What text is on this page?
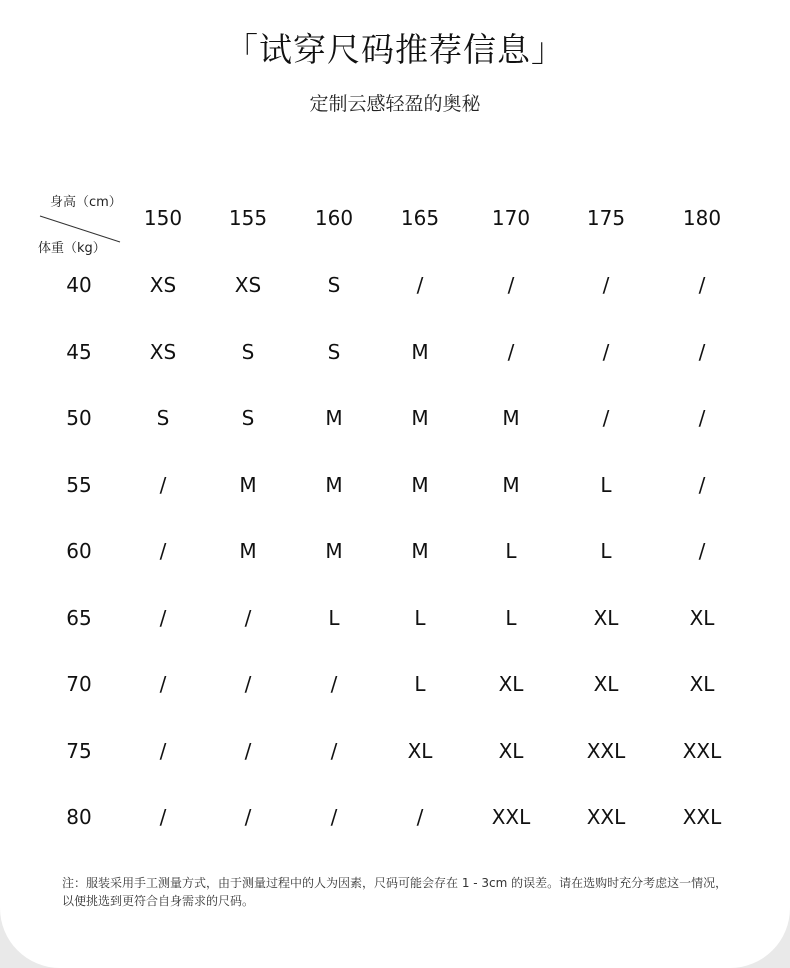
「试穿尺码推荐信息」
定制云感轻盈的奥秘
身高（cm）
体重（kg）
150	155	160	165	170	175	180
40	XS	XS	S	/	/	/	/
45	XS	S	S	M	/	/	/
50	S	S	M	M	M	/	/
55	/	M	M	M	M	L	/
60	/	M	M	M	L	L	/
65	/	/	L	L	L	XL	XL
70	/	/	/	L	XL	XL	XL
75	/	/	/	XL	XL	XXL	XXL
80	/	/	/	/	XXL	XXL	XXL
注：服装采用手工测量方式，由于测量过程中的人为因素，尺码可能会存在 1 - 3cm 的误差。请在选购时充分考虑这一情况，以便挑选到更符合自身需求的尺码。
